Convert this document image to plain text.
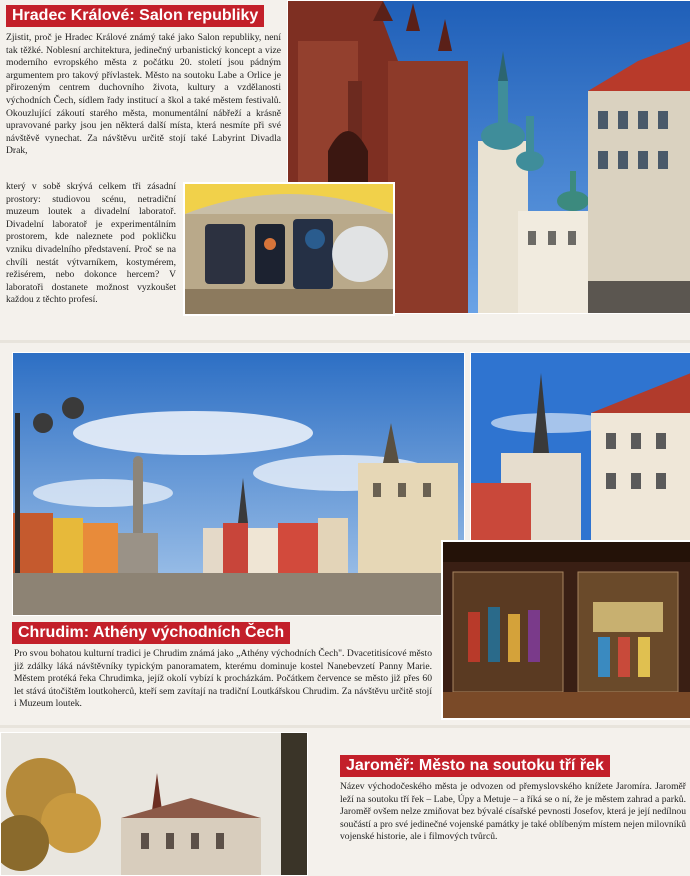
Hradec Králové: Salon republiky
Zjistit, proč je Hradec Králové známý také jako Salon republiky, není tak těžké. Noblesní architektura, jedinečný urbanistický koncept a vize moderního evropského města z počátku 20. století jsou pádným argumentem pro takový přívlastek. Město na soutoku Labe a Orlice je přirozeným centrem duchovního života, kultury a vzdělanosti východních Čech, sídlem řady institucí a škol a také městem festivalů. Okouzlující zákoutí starého města, monumentální nábřeží a krásně upravované parky jsou jen některá další místa, která nesmíte při své návštěvě vynechat. Za návštěvu určitě stojí také Labyrint Divadla Drak,
který v sobě skrývá celkem tři zásadní prostory: studiovou scénu, netradiční muzeum loutek a divadelní laboratoř. Divadelní laboratoř je experimentálním prostorem, kde naleznete pod pokličku vzniku divadelního představení. Proč se na chvíli nestát výtvarníkem, kostymérem, režisérem, nebo dokonce hercem? V laboratoři dostanete možnost vyzkoušet každou z těchto profesí.
Chrudim: Athény východních Čech
Pro svou bohatou kulturní tradici je Chrudim známá jako „Athény východních Čech". Dvacetitisícové město již zdálky láká návštěvníky typickým panoramatem, kterému dominuje kostel Nanebevzetí Panny Marie. Městem protéká řeka Chrudimka, jejíž okolí vybízí k procházkám. Počátkem července se město již přes 60 let stává útočištěm loutkoherců, kteří sem zavítají na tradiční Loutkářskou Chrudim. Za návštěvu určitě stojí i Muzeum loutek.
Jaroměř: Město na soutoku tří řek
Název východočeského města je odvozen od přemyslovského knížete Jaromíra. Jaroměř leží na soutoku tří řek – Labe, Úpy a Metuje – a říká se o ní, že je městem zahrad a parků. Jaroměř ovšem nelze zmiňovat bez bývalé císařské pevnosti Josefov, která je její nedílnou součástí a pro své jedinečné vojenské památky je také oblíbeným místem nejen milovníků vojenské historie, ale i filmových tvůrců.
